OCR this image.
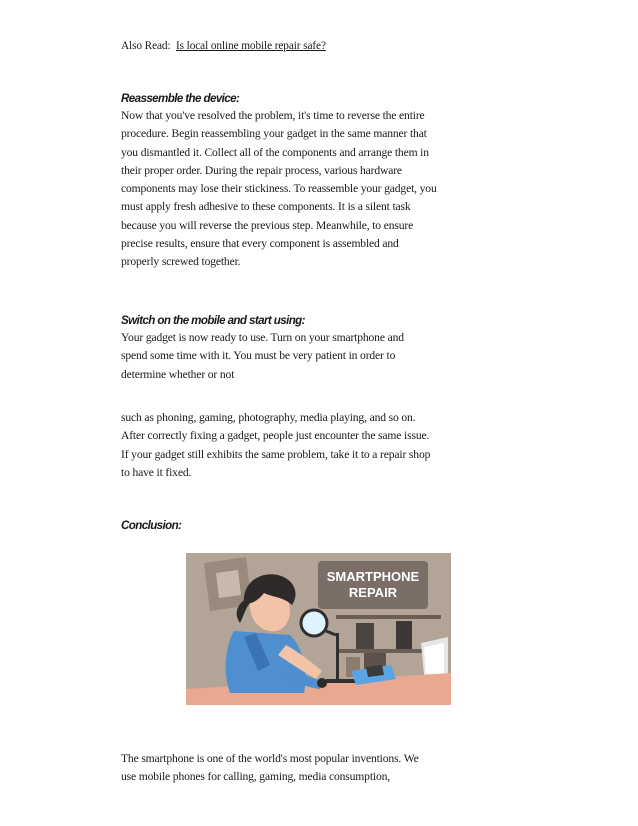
Also Read: Is local online mobile repair safe?
Reassemble the device:
Now that you've resolved the problem, it's time to reverse the entire
procedure. Begin reassembling your gadget in the same manner that
you dismantled it. Collect all of the components and arrange them in
their proper order. During the repair process, various hardware
components may lose their stickiness. To reassemble your gadget, you
must apply fresh adhesive to these components. It is a silent task
because you will reverse the previous step. Meanwhile, to ensure
precise results, ensure that every component is assembled and
properly screwed together.
Switch on the mobile and start using:
Your gadget is now ready to use. Turn on your smartphone and
spend some time with it. You must be very patient in order to
determine whether or not
such as phoning, gaming, photography, media playing, and so on.
After correctly fixing a gadget, people just encounter the same issue.
If your gadget still exhibits the same problem, take it to a repair shop
to have it fixed.
Conclusion:
SMARTPHONE
REPAIR
The smartphone is one of the world's most popular inventions. We
use mobile phones for calling, gaming, media consumption,
